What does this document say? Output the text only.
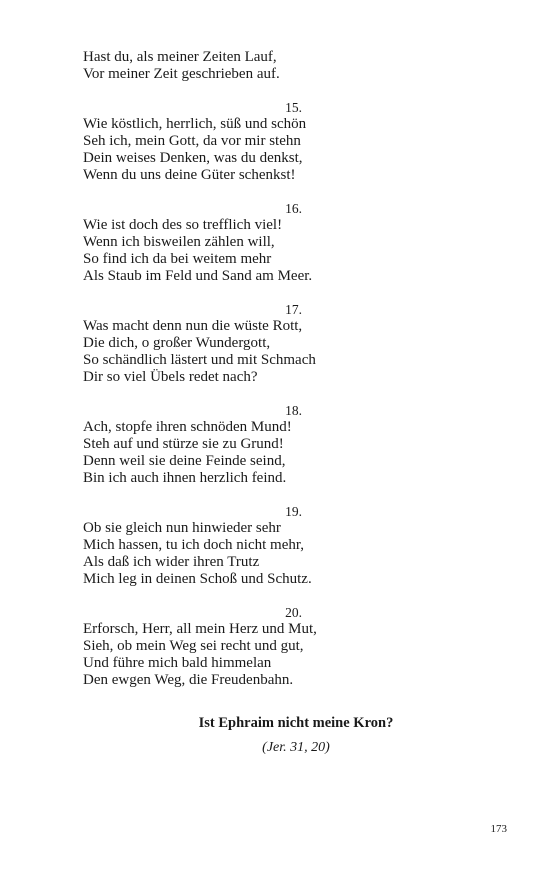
Hast du, als meiner Zeiten Lauf,
Vor meiner Zeit geschrieben auf.
15.
Wie köstlich, herrlich, süß und schön
Seh ich, mein Gott, da vor mir stehn
Dein weises Denken, was du denkst,
Wenn du uns deine Güter schenkst!
16.
Wie ist doch des so trefflich viel!
Wenn ich bisweilen zählen will,
So find ich da bei weitem mehr
Als Staub im Feld und Sand am Meer.
17.
Was macht denn nun die wüste Rott,
Die dich, o großer Wundergott,
So schändlich lästert und mit Schmach
Dir so viel Übels redet nach?
18.
Ach, stopfe ihren schnöden Mund!
Steh auf und stürze sie zu Grund!
Denn weil sie deine Feinde seind,
Bin ich auch ihnen herzlich feind.
19.
Ob sie gleich nun hinwieder sehr
Mich hassen, tu ich doch nicht mehr,
Als daß ich wider ihren Trutz
Mich leg in deinen Schoß und Schutz.
20.
Erforsch, Herr, all mein Herz und Mut,
Sieh, ob mein Weg sei recht und gut,
Und führe mich bald himmelan
Den ewgen Weg, die Freudenbahn.
Ist Ephraim nicht meine Kron?
(Jer. 31, 20)
173
